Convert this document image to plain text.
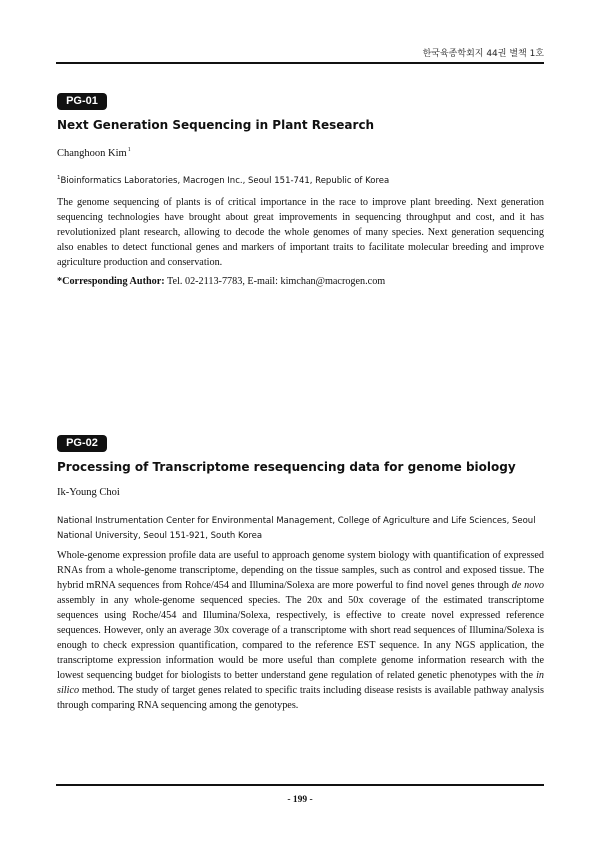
한국육종학회지 44권 별책 1호
PG-01
Next Generation Sequencing in Plant Research
Changhoon Kim$^1$
$^1$Bioinformatics Laboratories, Macrogen Inc., Seoul 151-741, Republic of Korea

The genome sequencing of plants is of critical importance in the race to improve plant breeding. Next generation sequencing technologies have brought about great improvements in sequencing throughput and cost, and it has revolutionized plant research, allowing to decode the whole genomes of many species. Next generation sequencing also enables to detect functional genes and markers of important traits to facilitate molecular breeding and improve agriculture production and conservation.

*Corresponding Author: Tel. 02-2113-7783, E-mail: kimchan@macrogen.com
PG-02
Processing of Transcriptome resequencing data for genome biology
Ik-Young Choi
National Instrumentation Center for Environmental Management, College of Agriculture and Life Sciences, Seoul National University, Seoul 151-921, South Korea

Whole-genome expression profile data are useful to approach genome system biology with quantification of expressed RNAs from a whole-genome transcriptome, depending on the tissue samples, such as control and exposed tissue. The hybrid mRNA sequences from Rohce/454 and Illumina/Solexa are more powerful to find novel genes through de novo assembly in any whole-genome sequenced species. The 20x and 50x coverage of the estimated transcriptome sequences using Roche/454 and Illumina/Solexa, respectively, is effective to create novel expressed reference sequences. However, only an average 30x coverage of a transcriptome with short read sequences of Illumina/Solexa is enough to check expression quantification, compared to the reference EST sequence. In any NGS application, the transcriptome expression information would be more useful than complete genome information research with the lowest sequencing budget for biologists to better understand gene regulation of related genetic phenotypes with the in silico method. The study of target genes related to specific traits including disease resists is available pathway analysis through comparing RNA sequencing among the genotypes.

- 199 -
